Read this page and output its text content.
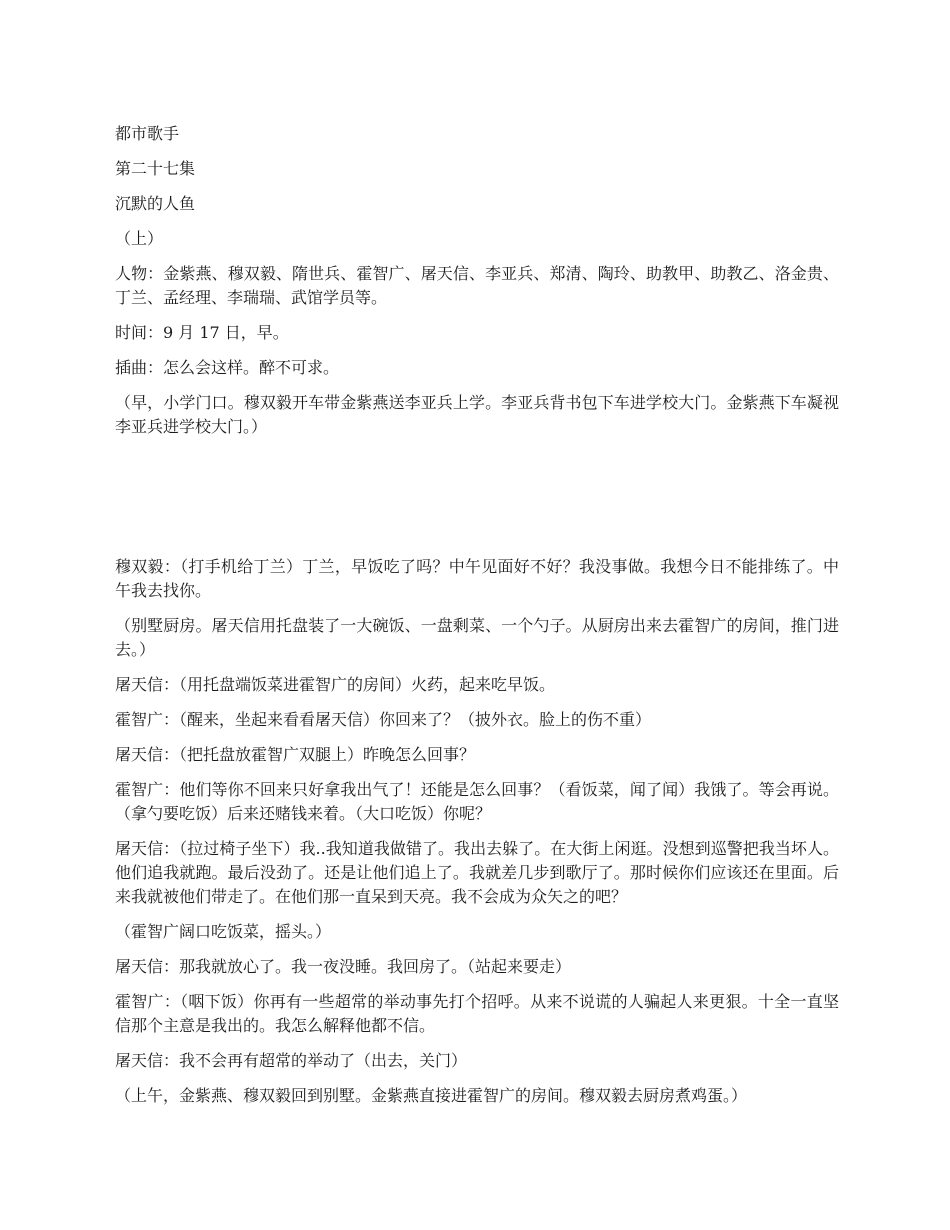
都市歌手

第二十七集

沉默的人鱼

（上）

人物：金紫燕、穆双毅、隋世兵、霍智广、屠天信、李亚兵、郑清、陶玲、助教甲、助教乙、洛金贵、丁兰、孟经理、李瑞瑞、武馆学员等。

时间：9 月 17 日，早。

插曲：怎么会这样。醉不可求。

（早，小学门口。穆双毅开车带金紫燕送李亚兵上学。李亚兵背书包下车进学校大门。金紫燕下车凝视李亚兵进学校大门。）

穆双毅：（打手机给丁兰）丁兰，早饭吃了吗？中午见面好不好？我没事做。我想今日不能排练了。中午我去找你。

（别墅厨房。屠天信用托盘装了一大碗饭、一盘剩菜、一个勺子。从厨房出来去霍智广的房间，推门进去。）

屠天信：（用托盘端饭菜进霍智广的房间）火药，起来吃早饭。

霍智广：（醒来，坐起来看看屠天信）你回来了？（披外衣。脸上的伤不重）

屠天信：（把托盘放霍智广双腿上）昨晚怎么回事？

霍智广：他们等你不回来只好拿我出气了！还能是怎么回事？（看饭菜，闻了闻）我饿了。等会再说。（拿勺要吃饭）后来还赌钱来着。（大口吃饭）你呢？

屠天信：（拉过椅子坐下）我..我知道我做错了。我出去躲了。在大街上闲逛。没想到巡警把我当坏人。他们追我就跑。最后没劲了。还是让他们追上了。我就差几步到歌厅了。那时候你们应该还在里面。后来我就被他们带走了。在他们那一直呆到天亮。我不会成为众矢之的吧？

（霍智广阔口吃饭菜，摇头。）

屠天信：那我就放心了。我一夜没睡。我回房了。（站起来要走）

霍智广：（咽下饭）你再有一些超常的举动事先打个招呼。从来不说谎的人骗起人来更狠。十全一直坚信那个主意是我出的。我怎么解释他都不信。

屠天信：我不会再有超常的举动了（出去，关门）

（上午，金紫燕、穆双毅回到别墅。金紫燕直接进霍智广的房间。穆双毅去厨房煮鸡蛋。）
